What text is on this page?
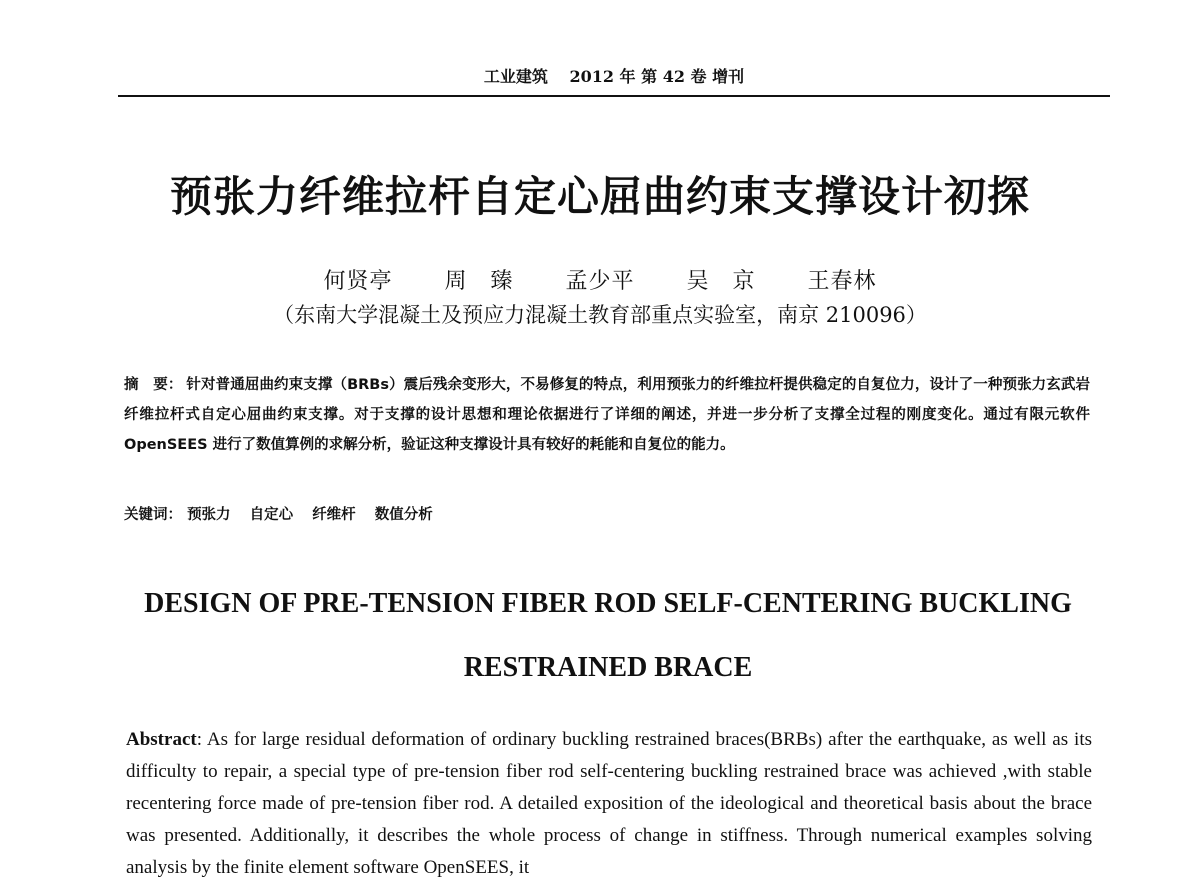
工业建筑　 2012 年 第 42 卷 增刊
预张力纤维拉杆自定心屈曲约束支撑设计初探
何贤亭 周　臻 孟少平 吴　京 王春林
（东南大学混凝土及预应力混凝土教育部重点实验室，南京 210096）
摘　要： 针对普通屈曲约束支撑（BRBs）震后残余变形大，不易修复的特点，利用预张力的纤维拉杆提供稳定的自复位力，设计了一种预张力玄武岩纤维拉杆式自定心屈曲约束支撑。对于支撑的设计思想和理论依据进行了详细的阐述，并进一步分析了支撑全过程的刚度变化。通过有限元软件 OpenSEES 进行了数值算例的求解分析，验证这种支撑设计具有较好的耗能和自复位的能力。
关键词： 预张力 自定心 纤维杆 数值分析
DESIGN OF PRE-TENSION FIBER ROD SELF-CENTERING BUCKLING
RESTRAINED BRACE
Abstract: As for large residual deformation of ordinary buckling restrained braces(BRBs) after the earthquake, as well as its difficulty to repair, a special type of pre-tension fiber rod self-centering buckling restrained brace was achieved ,with stable recentering force made of pre-tension fiber rod. A detailed exposition of the ideological and theoretical basis about the brace was presented. Additionally, it describes the whole process of change in stiffness. Through numerical examples solving analysis by the finite element software OpenSEES, it
